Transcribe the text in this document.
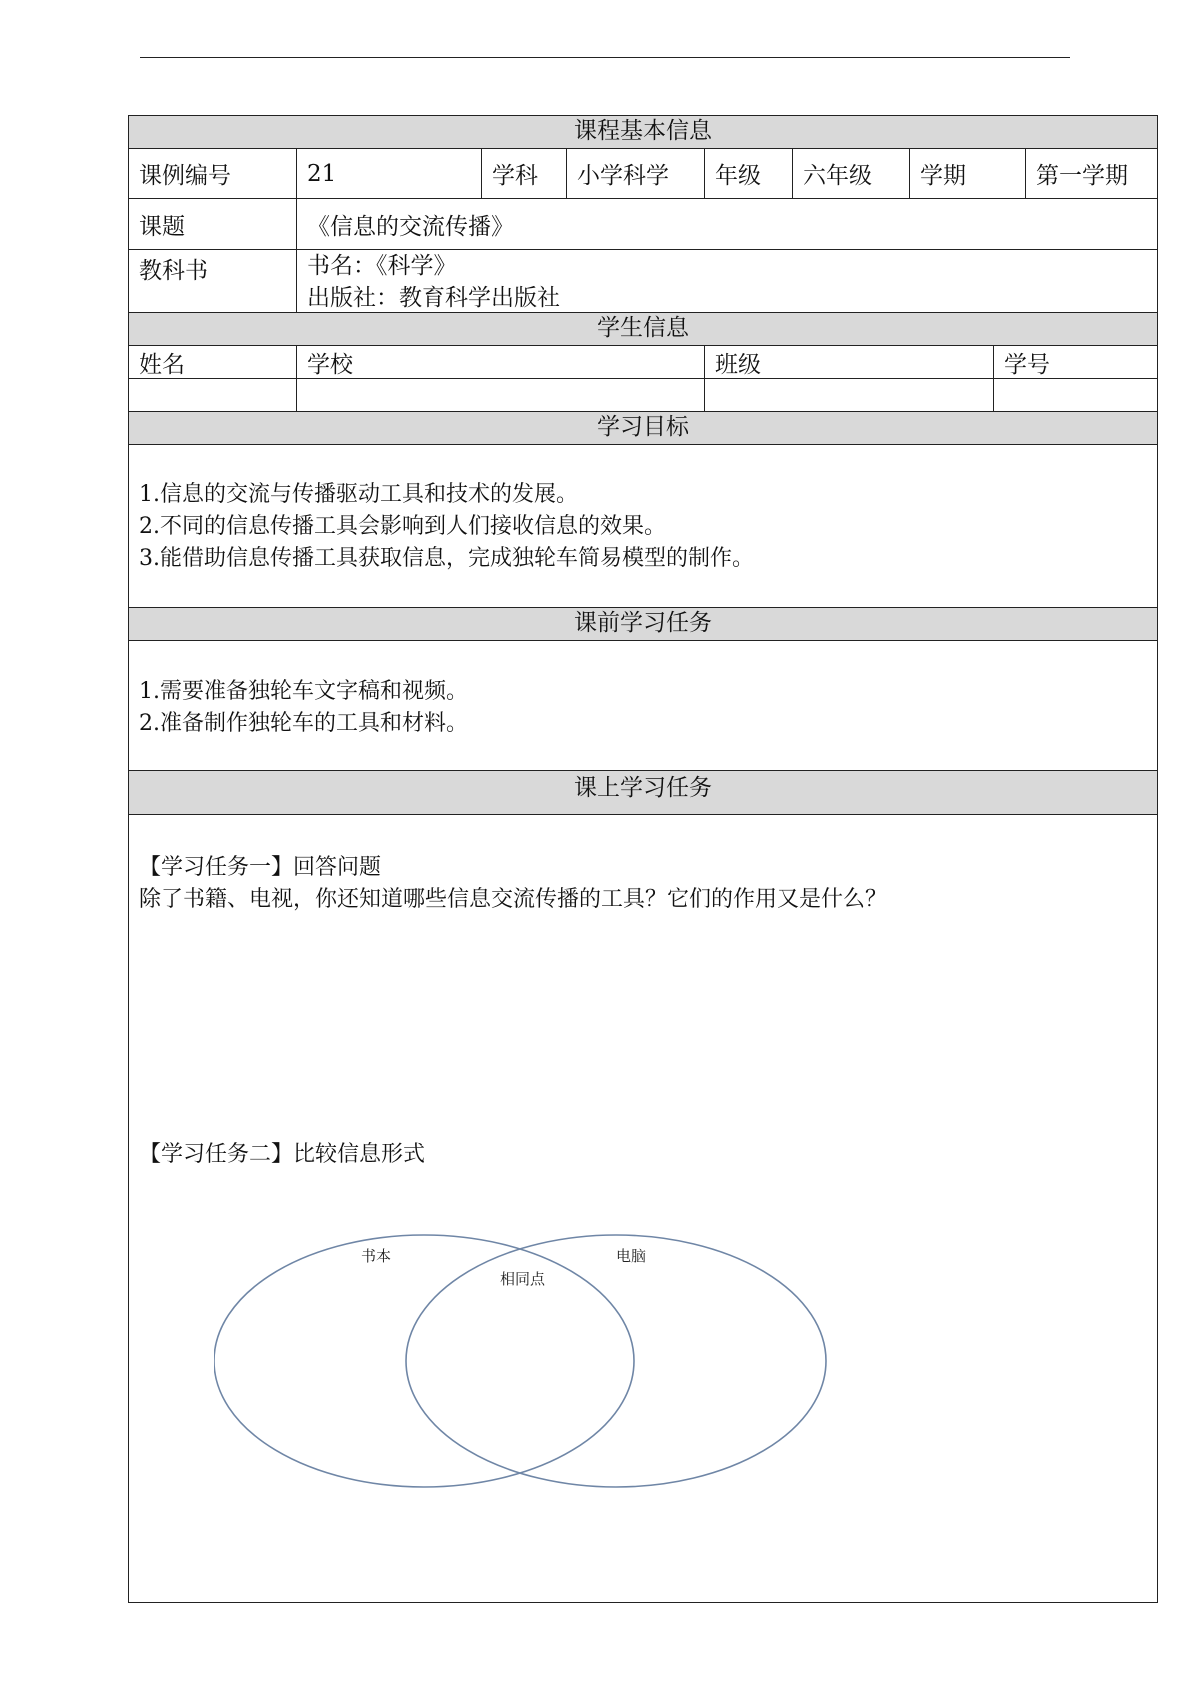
课程基本信息
课例编号	21	学科	小学科学	年级	六年级	学期	第一学期
课题	《信息的交流传播》
教科书	书名：《科学》
出版社：教育科学出版社
学生信息
姓名	学校	班级	学号
学习目标
1.信息的交流与传播驱动工具和技术的发展。
2.不同的信息传播工具会影响到人们接收信息的效果。
3.能借助信息传播工具获取信息，完成独轮车简易模型的制作。
课前学习任务
1.需要准备独轮车文字稿和视频。
2.准备制作独轮车的工具和材料。
课上学习任务
【学习任务一】回答问题
除了书籍、电视，你还知道哪些信息交流传播的工具？它们的作用又是什么？
【学习任务二】比较信息形式
书本	电脑
相同点
